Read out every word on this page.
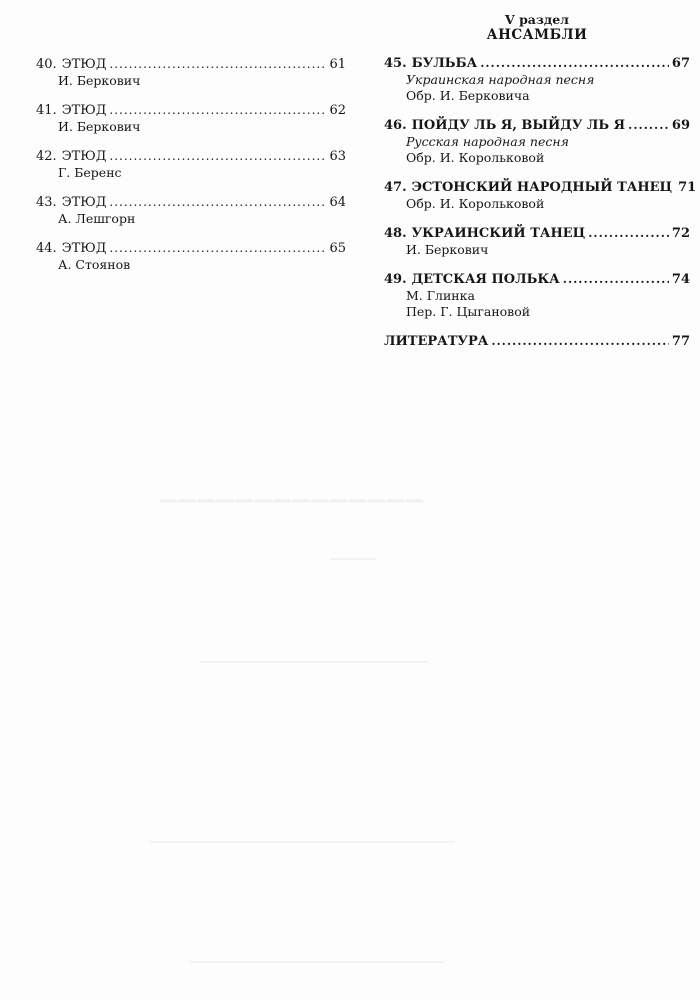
40. ЭТЮД .....	61
И. Беркович
41. ЭТЮД .....	62
И. Беркович
42. ЭТЮД .....	63
Г. Беренс
43. ЭТЮД .....	64
А. Лешгорн
44. ЭТЮД .....	65
А. Стоянов
V раздел
АНСАМБЛИ
45. БУЛЬБА .....	67
Украинская народная песня
Обр. И. Берковича
46. ПОЙДУ ЛЬ Я, ВЫЙДУ ЛЬ Я .....	69
Русская народная песня
Обр. И. Корольковой
47. ЭСТОНСКИЙ НАРОДНЫЙ ТАНЕЦ 71
Обр. И. Корольковой
48. УКРАИНСКИЙ ТАНЕЦ .....	72
И. Беркович
49. ДЕТСКАЯ ПОЛЬКА .....	74
М. Глинка
Пер. Г. Цыгановой
ЛИТЕРАТУРА .....	77
